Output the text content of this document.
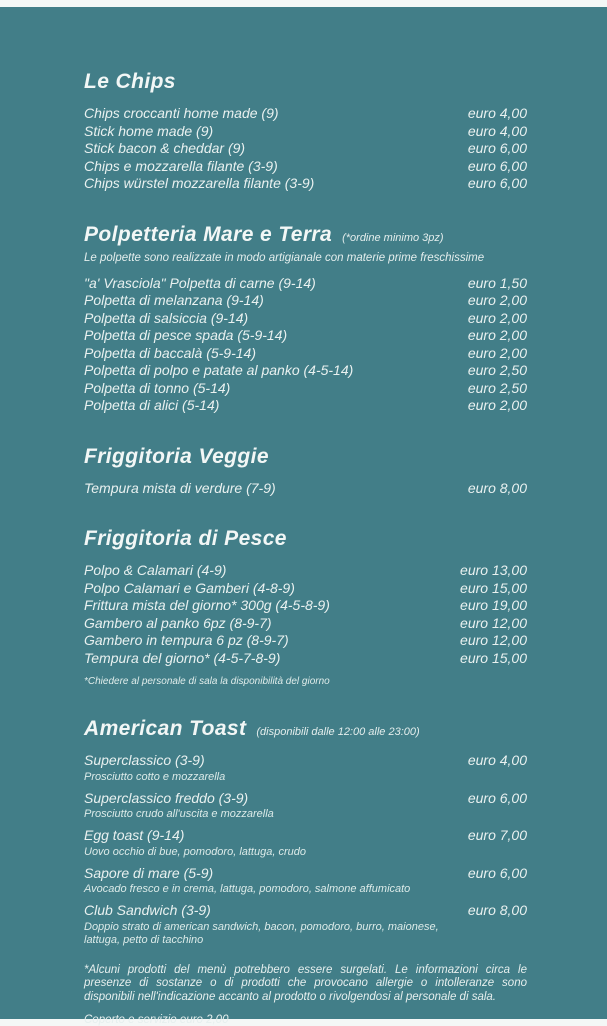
Le Chips
Chips croccanti home made (9)	euro 4,00
Stick home made (9)	euro 4,00
Stick bacon & cheddar (9)	euro 6,00
Chips e mozzarella filante (3-9)	euro 6,00
Chips würstel mozzarella filante (3-9)	euro 6,00
Polpetteria Mare e Terra (*ordine minimo 3pz)
Le polpette sono realizzate in modo artigianale con materie prime freschissime
"a' Vrasciola" Polpetta di carne (9-14)	euro 1,50
Polpetta di melanzana (9-14)	euro 2,00
Polpetta di salsiccia (9-14)	euro 2,00
Polpetta di pesce spada (5-9-14)	euro 2,00
Polpetta di baccalà (5-9-14)	euro 2,00
Polpetta di polpo e patate al panko (4-5-14)	euro 2,50
Polpetta di tonno (5-14)	euro 2,50
Polpetta di alici (5-14)	euro 2,00
Friggitoria Veggie
Tempura mista di verdure (7-9)	euro 8,00
Friggitoria di Pesce
Polpo & Calamari (4-9)	euro 13,00
Polpo Calamari e Gamberi (4-8-9)	euro 15,00
Frittura mista del giorno* 300g (4-5-8-9)	euro 19,00
Gambero al panko 6pz (8-9-7)	euro 12,00
Gambero in tempura 6 pz (8-9-7)	euro 12,00
Tempura del giorno* (4-5-7-8-9)	euro 15,00
*Chiedere al personale di sala la disponibilità del giorno
American Toast (disponibili dalle 12:00 alle 23:00)
Superclassico (3-9)	euro 4,00
Prosciutto cotto e mozzarella
Superclassico freddo (3-9)	euro 6,00
Prosciutto crudo all'uscita e mozzarella
Egg toast (9-14)	euro 7,00
Uovo occhio di bue, pomodoro, lattuga, crudo
Sapore di mare (5-9)	euro 6,00
Avocado fresco e in crema, lattuga, pomodoro, salmone affumicato
Club Sandwich (3-9)	euro 8,00
Doppio strato di american sandwich, bacon, pomodoro, burro, maionese, lattuga, petto di tacchino

*Alcuni prodotti del menù potrebbero essere surgelati. Le informazioni circa le presenze di sostanze o di prodotti che provocano allergie o intolleranze sono disponibili nell'indicazione accanto al prodotto o rivolgendosi al personale di sala.

Coperto e servizio euro 2,00
